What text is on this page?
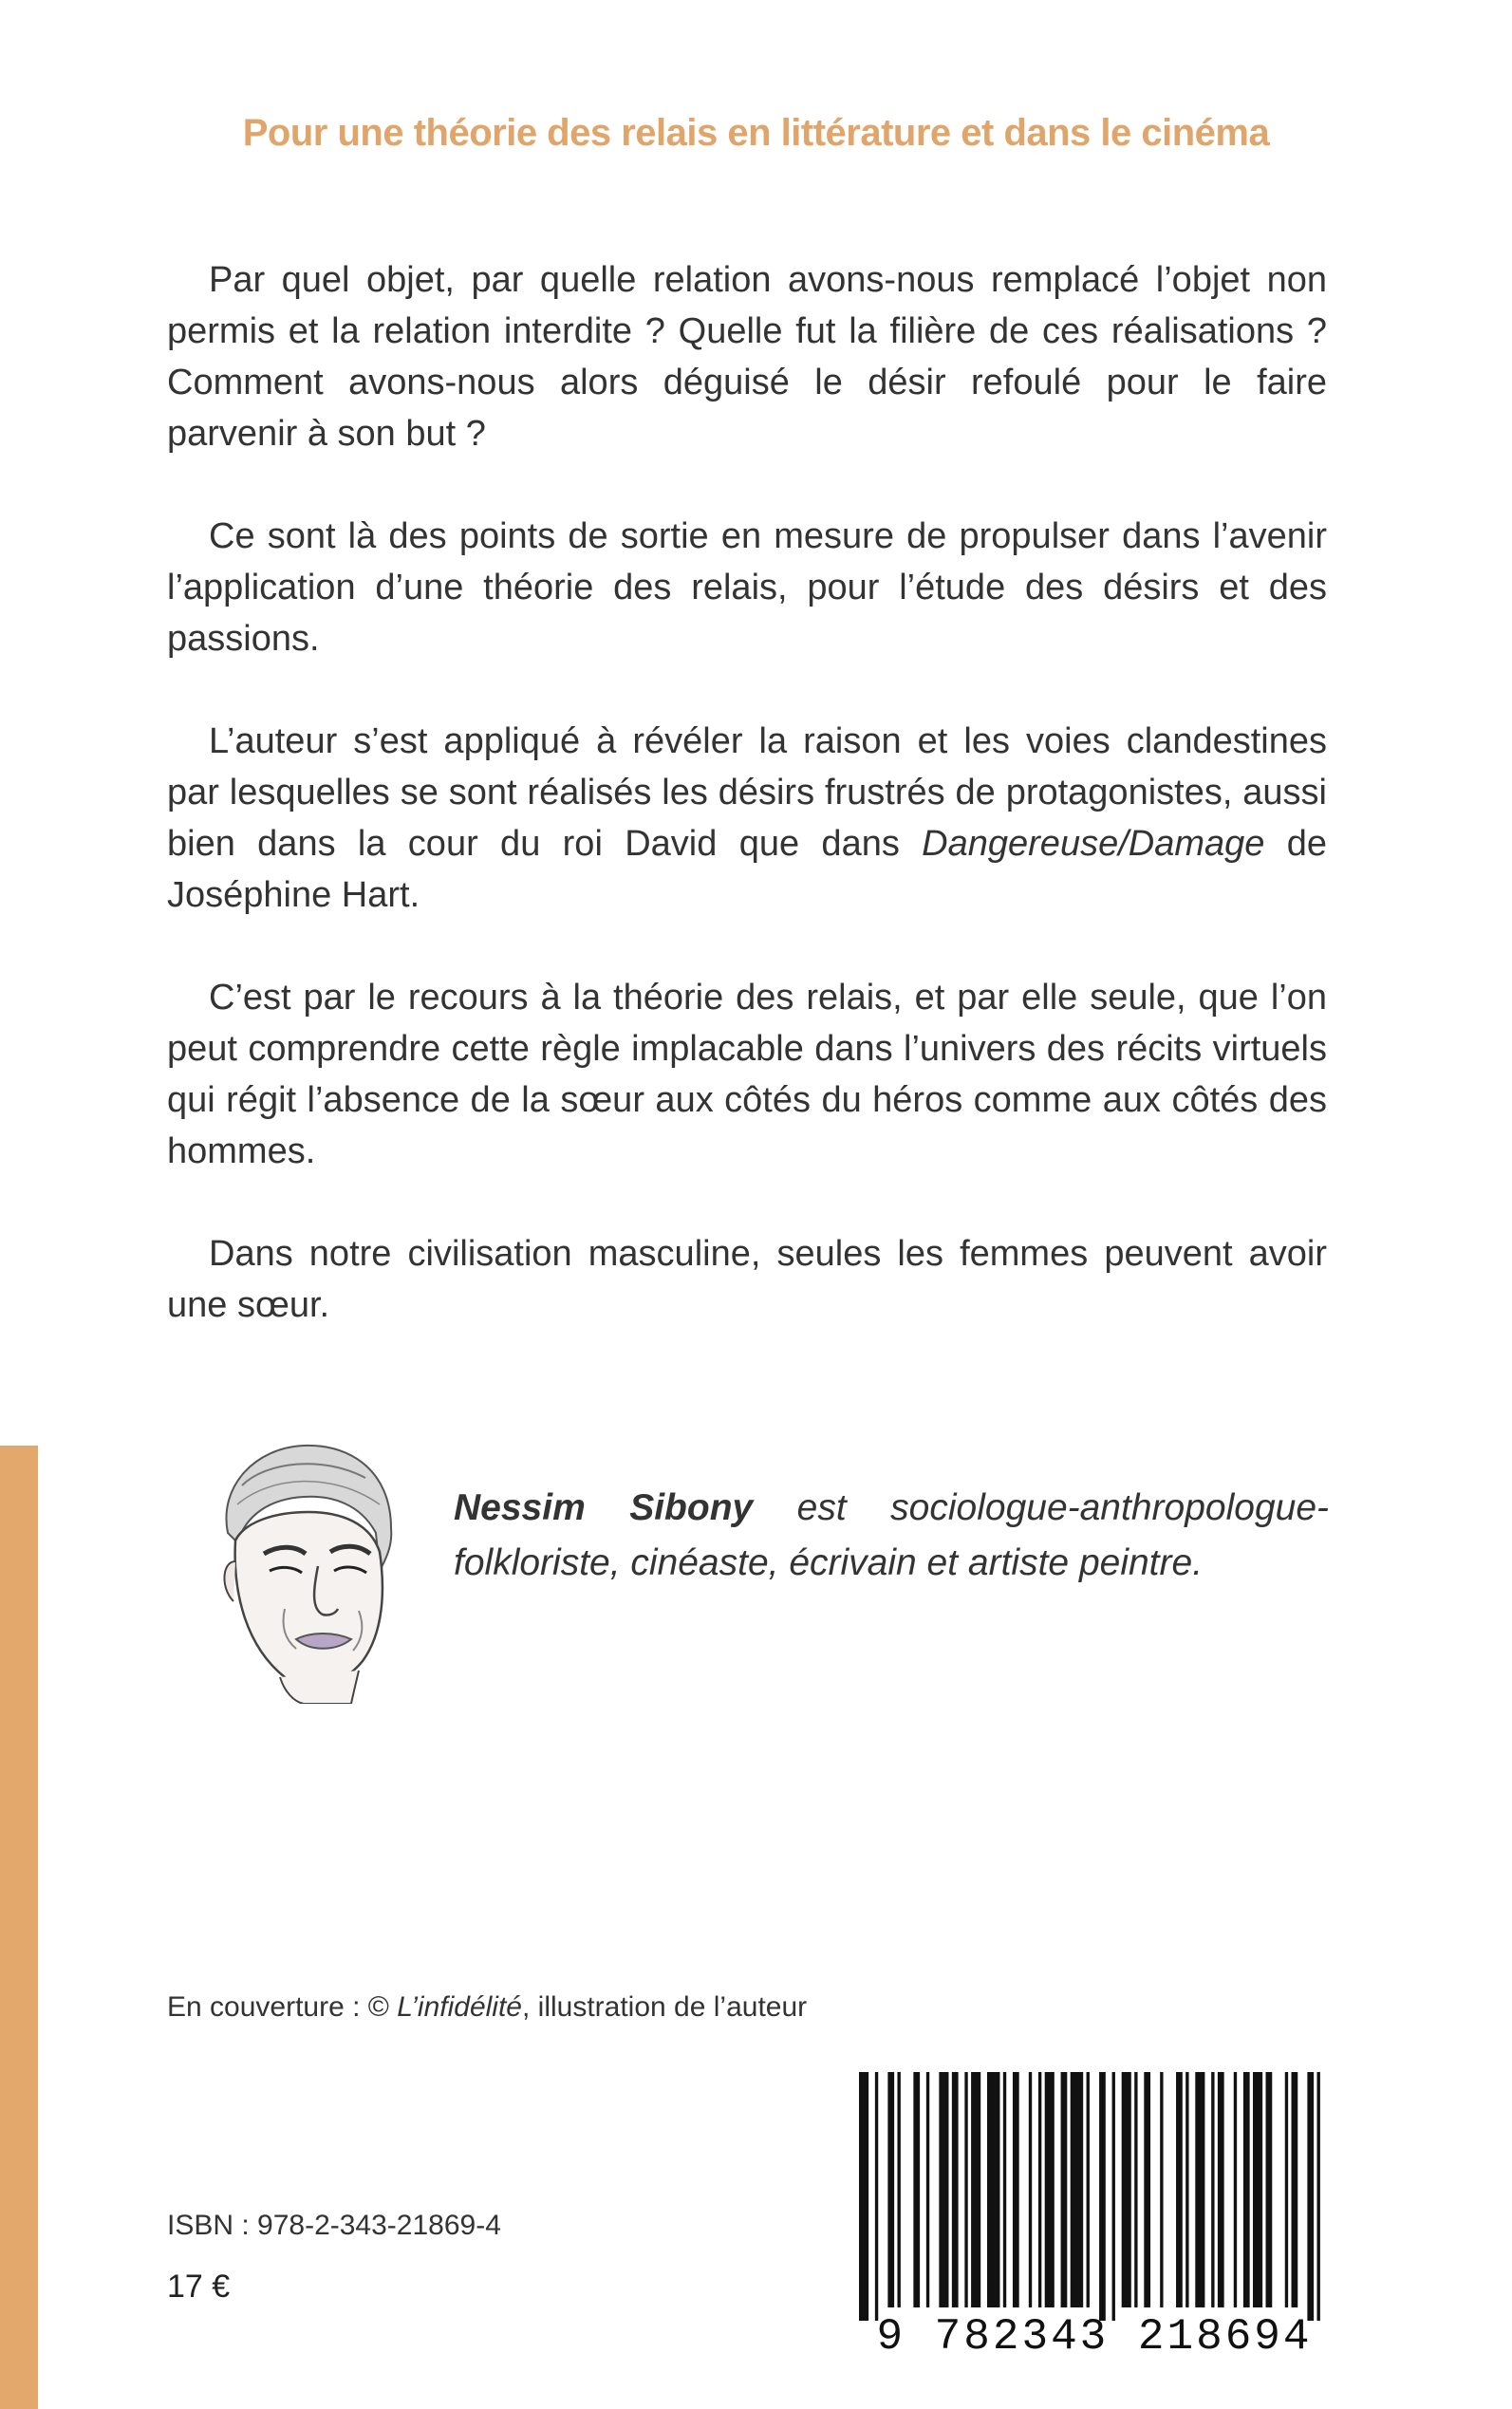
Pour une théorie des relais en littérature et dans le cinéma

Par quel objet, par quelle relation avons-nous remplacé l’objet non permis et la relation interdite ? Quelle fut la filière de ces réalisations ? Comment avons-nous alors déguisé le désir refoulé pour le faire parvenir à son but ?

Ce sont là des points de sortie en mesure de propulser dans l’avenir l’application d’une théorie des relais, pour l’étude des désirs et des passions.

L’auteur s’est appliqué à révéler la raison et les voies clandestines par lesquelles se sont réalisés les désirs frustrés de protagonistes, aussi bien dans la cour du roi David que dans Dangereuse/Damage de Joséphine Hart.

C’est par le recours à la théorie des relais, et par elle seule, que l’on peut comprendre cette règle implacable dans l’univers des récits virtuels qui régit l’absence de la sœur aux côtés du héros comme aux côtés des hommes.

Dans notre civilisation masculine, seules les femmes peuvent avoir une sœur.

Nessim Sibony est sociologue-anthropologue-folkloriste, cinéaste, écrivain et artiste peintre.
En couverture : © L’infidélité, illustration de l’auteur
9 782343 218694
ISBN : 978-2-343-21869-4
17 €
